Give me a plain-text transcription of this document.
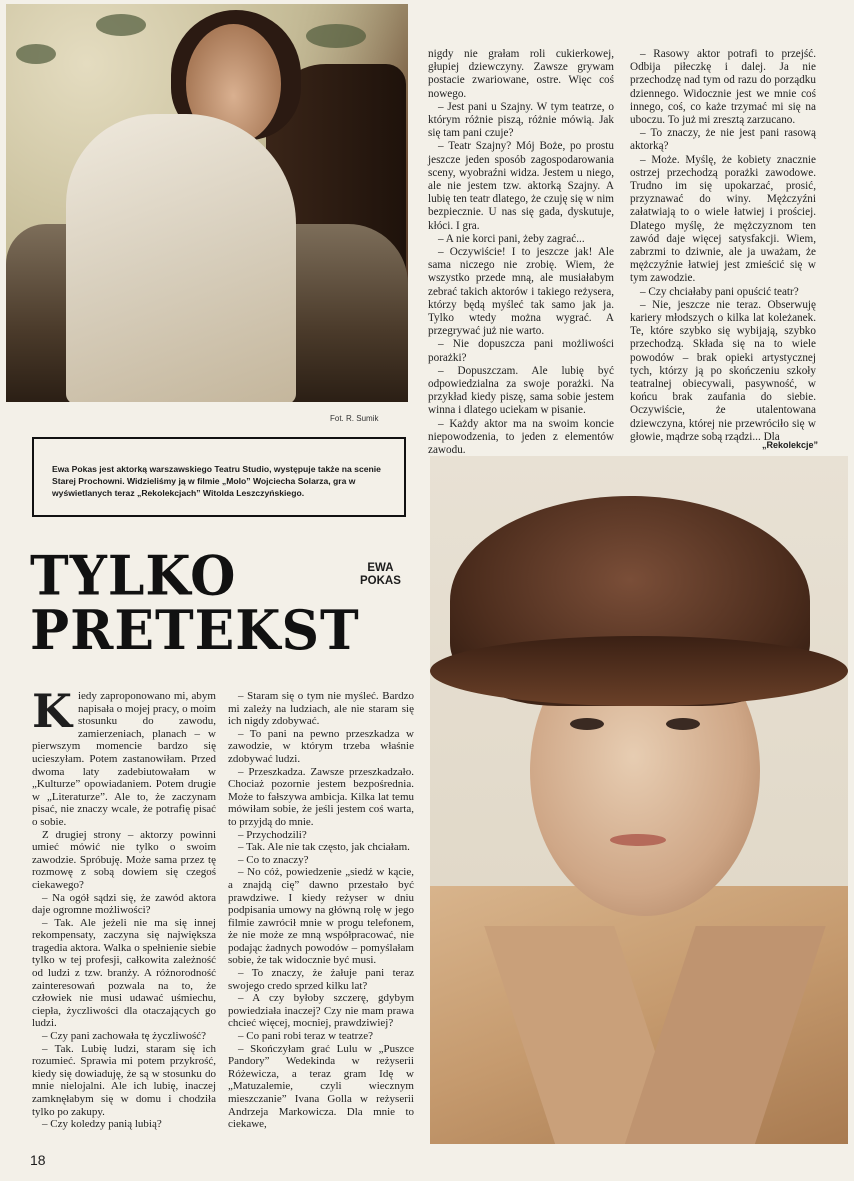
Fot. R. Sumik

nigdy nie grałam roli cukierkowej, głupiej dziewczyny. Zawsze grywam postacie zwariowane, ostre. Więc coś nowego.

– Jest pani u Szajny. W tym teatrze, o którym różnie piszą, różnie mówią. Jak się tam pani czuje?

– Teatr Szajny? Mój Boże, po prostu jeszcze jeden sposób zagospodarowania sceny, wyobraźni widza. Jestem u niego, ale nie jestem tzw. aktorką Szajny. A lubię ten teatr dlatego, że czuję się w nim bezpiecznie. U nas się gada, dyskutuje, kłóci. I gra.

– A nie korci pani, żeby zagrać...

– Oczywiście! I to jeszcze jak! Ale sama niczego nie zrobię. Wiem, że wszystko przede mną, ale musiałabym zebrać takich aktorów i takiego reżysera, którzy będą myśleć tak samo jak ja. Tylko wtedy można wygrać. A przegrywać już nie warto.

– Nie dopuszcza pani możliwości porażki?

– Dopuszczam. Ale lubię być odpowiedzialna za swoje porażki. Na przykład kiedy piszę, sama sobie jestem winna i dlatego uciekam w pisanie.

– Każdy aktor ma na swoim koncie niepowodzenia, to jeden z elementów zawodu.

– Rasowy aktor potrafi to przejść. Odbija piłeczkę i dalej. Ja nie przechodzę nad tym od razu do porządku dziennego. Widocznie jest we mnie coś innego, coś, co każe trzymać mi się na uboczu. To już mi zresztą zarzucano.

– To znaczy, że nie jest pani rasową aktorką?

– Może. Myślę, że kobiety znacznie ostrzej przechodzą porażki zawodowe. Trudno im się upokarzać, prosić, przyznawać do winy. Mężczyźni załatwiają to o wiele łatwiej i prościej. Dlatego myślę, że mężczyznom ten zawód daje więcej satysfakcji. Wiem, zabrzmi to dziwnie, ale ja uważam, że mężczyźnie łatwiej jest zmieścić się w tym zawodzie.

– Czy chciałaby pani opuścić teatr?

– Nie, jeszcze nie teraz. Obserwuję kariery młodszych o kilka lat koleżanek. Te, które szybko się wybijają, szybko przechodzą. Składa się na to wiele powodów – brak opieki artystycznej tych, którzy ją po skończeniu szkoły teatralnej obiecywali, pasywność, w końcu brak zaufania do siebie. Oczywiście, że utalentowana dziewczyna, której nie przewróciło się w głowie, mądrze sobą rządzi... Dla

„Rekolekcje”
Ewa Pokas jest aktorką warszawskiego Teatru Studio, występuje także na scenie Starej Prochowni. Widzieliśmy ją w filmie „Molo” Wojciecha Solarza, gra w wyświetlanych teraz „Rekolekcjach” Witolda Leszczyńskiego.
TYLKO
PRETEKST
EWA
POKAS

Kiedy zaproponowano mi, abym napisała o mojej pracy, o moim stosunku do zawodu, zamierzeniach, planach – w pierwszym momencie bardzo się ucieszyłam. Potem zastanowiłam. Przed dwoma laty zadebiutowałam w „Kulturze” opowiadaniem. Potem drugie w „Literaturze”. Ale to, że zaczynam pisać, nie znaczy wcale, że potrafię pisać o sobie.

Z drugiej strony – aktorzy powinni umieć mówić nie tylko o swoim zawodzie. Spróbuję. Może sama przez tę rozmowę z sobą dowiem się czegoś ciekawego?

– Na ogół sądzi się, że zawód aktora daje ogromne możliwości?

– Tak. Ale jeżeli nie ma się innej rekompensaty, zaczyna się największa tragedia aktora. Walka o spełnienie siebie tylko w tej profesji, całkowita zależność od ludzi z tzw. branży. A różnorodność zainteresowań pozwala na to, że człowiek nie musi udawać uśmiechu, ciepła, życzliwości dla otaczających go ludzi.

– Czy pani zachowała tę życzliwość?

– Tak. Lubię ludzi, staram się ich rozumieć. Sprawia mi potem przykrość, kiedy się dowiaduję, że są w stosunku do mnie nielojalni. Ale ich lubię, inaczej zamknęłabym się w domu i chodziła tylko po zakupy.

– Czy koledzy panią lubią?

– Staram się o tym nie myśleć. Bardzo mi zależy na ludziach, ale nie staram się ich nigdy zdobywać.

– To pani na pewno przeszkadza w zawodzie, w którym trzeba właśnie zdobywać ludzi.

– Przeszkadza. Zawsze przeszkadzało. Chociaż pozornie jestem bezpośrednia. Może to fałszywa ambicja. Kilka lat temu mówiłam sobie, że jeśli jestem coś warta, to przyjdą do mnie.

– Przychodzili?

– Tak. Ale nie tak często, jak chciałam.

– Co to znaczy?

– No cóż, powiedzenie „siedź w kącie, a znajdą cię” dawno przestało być prawdziwe. I kiedy reżyser w dniu podpisania umowy na główną rolę w jego filmie zawrócił mnie w progu telefonem, że nie może ze mną współpracować, nie podając żadnych powodów – pomyślałam sobie, że tak widocznie być musi.

– To znaczy, że żałuje pani teraz swojego credo sprzed kilku lat?

– A czy byłoby szczerę, gdybym powiedziała inaczej? Czy nie mam prawa chcieć więcej, mocniej, prawdziwiej?

– Co pani robi teraz w teatrze?

– Skończyłam grać Lulu w „Puszce Pandory” Wedekinda w reżyserii Różewicza, a teraz gram Idę w „Matuzalemie, czyli wiecznym mieszczanie” Ivana Golla w reżyserii Andrzeja Markowicza. Dla mnie to ciekawe,

18
